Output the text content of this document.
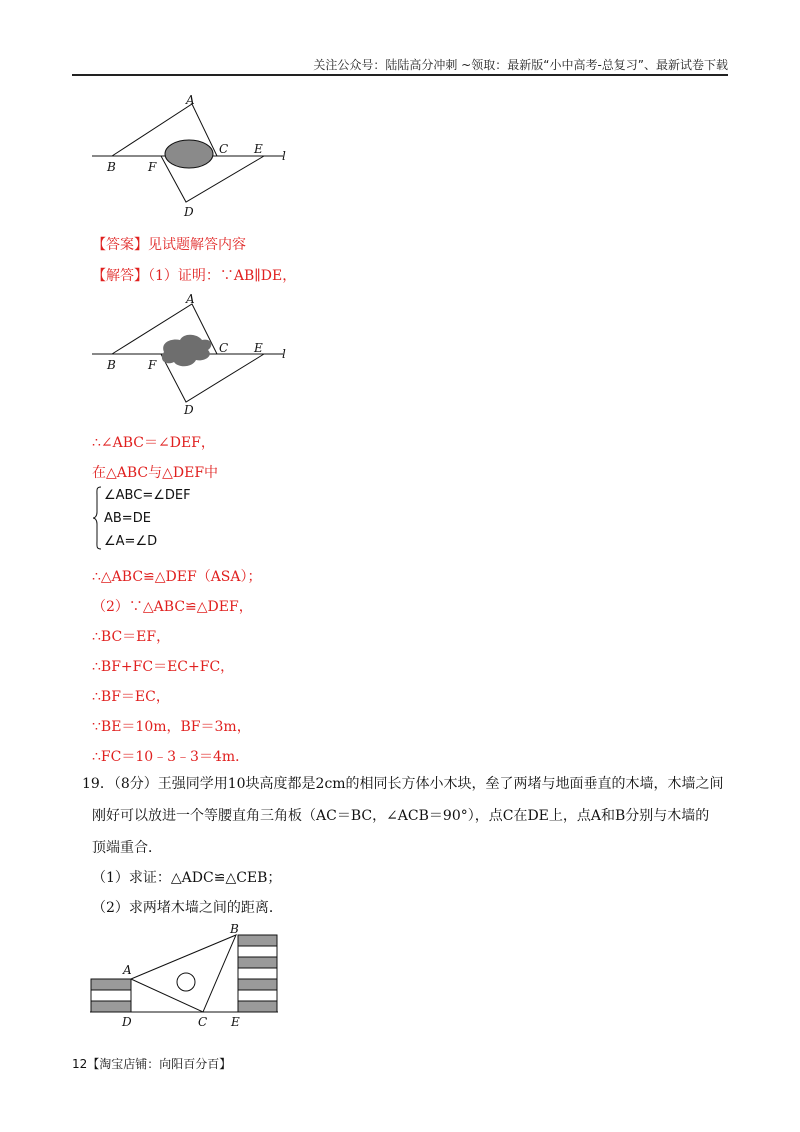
关注公众号：陆陆高分冲刺 ~领取：最新版“小中高考-总复习”、最新试卷下载
A
B	F
C E l
D
【答案】见试题解答内容
【解答】（1）证明：∵AB∥DE，
A
B	F
C E l
D
∴∠ABC＝∠DEF，
在△ABC与△DEF中
∠ABC=∠DEF
AB=DE
∠A=∠D
∴△ABC≌△DEF（ASA）；
（2）∵△ABC≌△DEF，
∴BC＝EF，
∴BF+FC＝EC+FC，
∴BF＝EC，
∵BE＝10m，BF＝3m，
∴FC＝10﹣3﹣3＝4m．
19．（8分）王强同学用10块高度都是2cm的相同长方体小木块，垒了两堵与地面垂直的木墙，木墙之间
刚好可以放进一个等腰直角三角板（AC＝BC，∠ACB＝90°），点C在DE上，点A和B分别与木墙的
顶端重合．
（1）求证：△ADC≌△CEB；
（2）求两堵木墙之间的距离．
A
B
C
D	E
12【淘宝店铺：向阳百分百】
